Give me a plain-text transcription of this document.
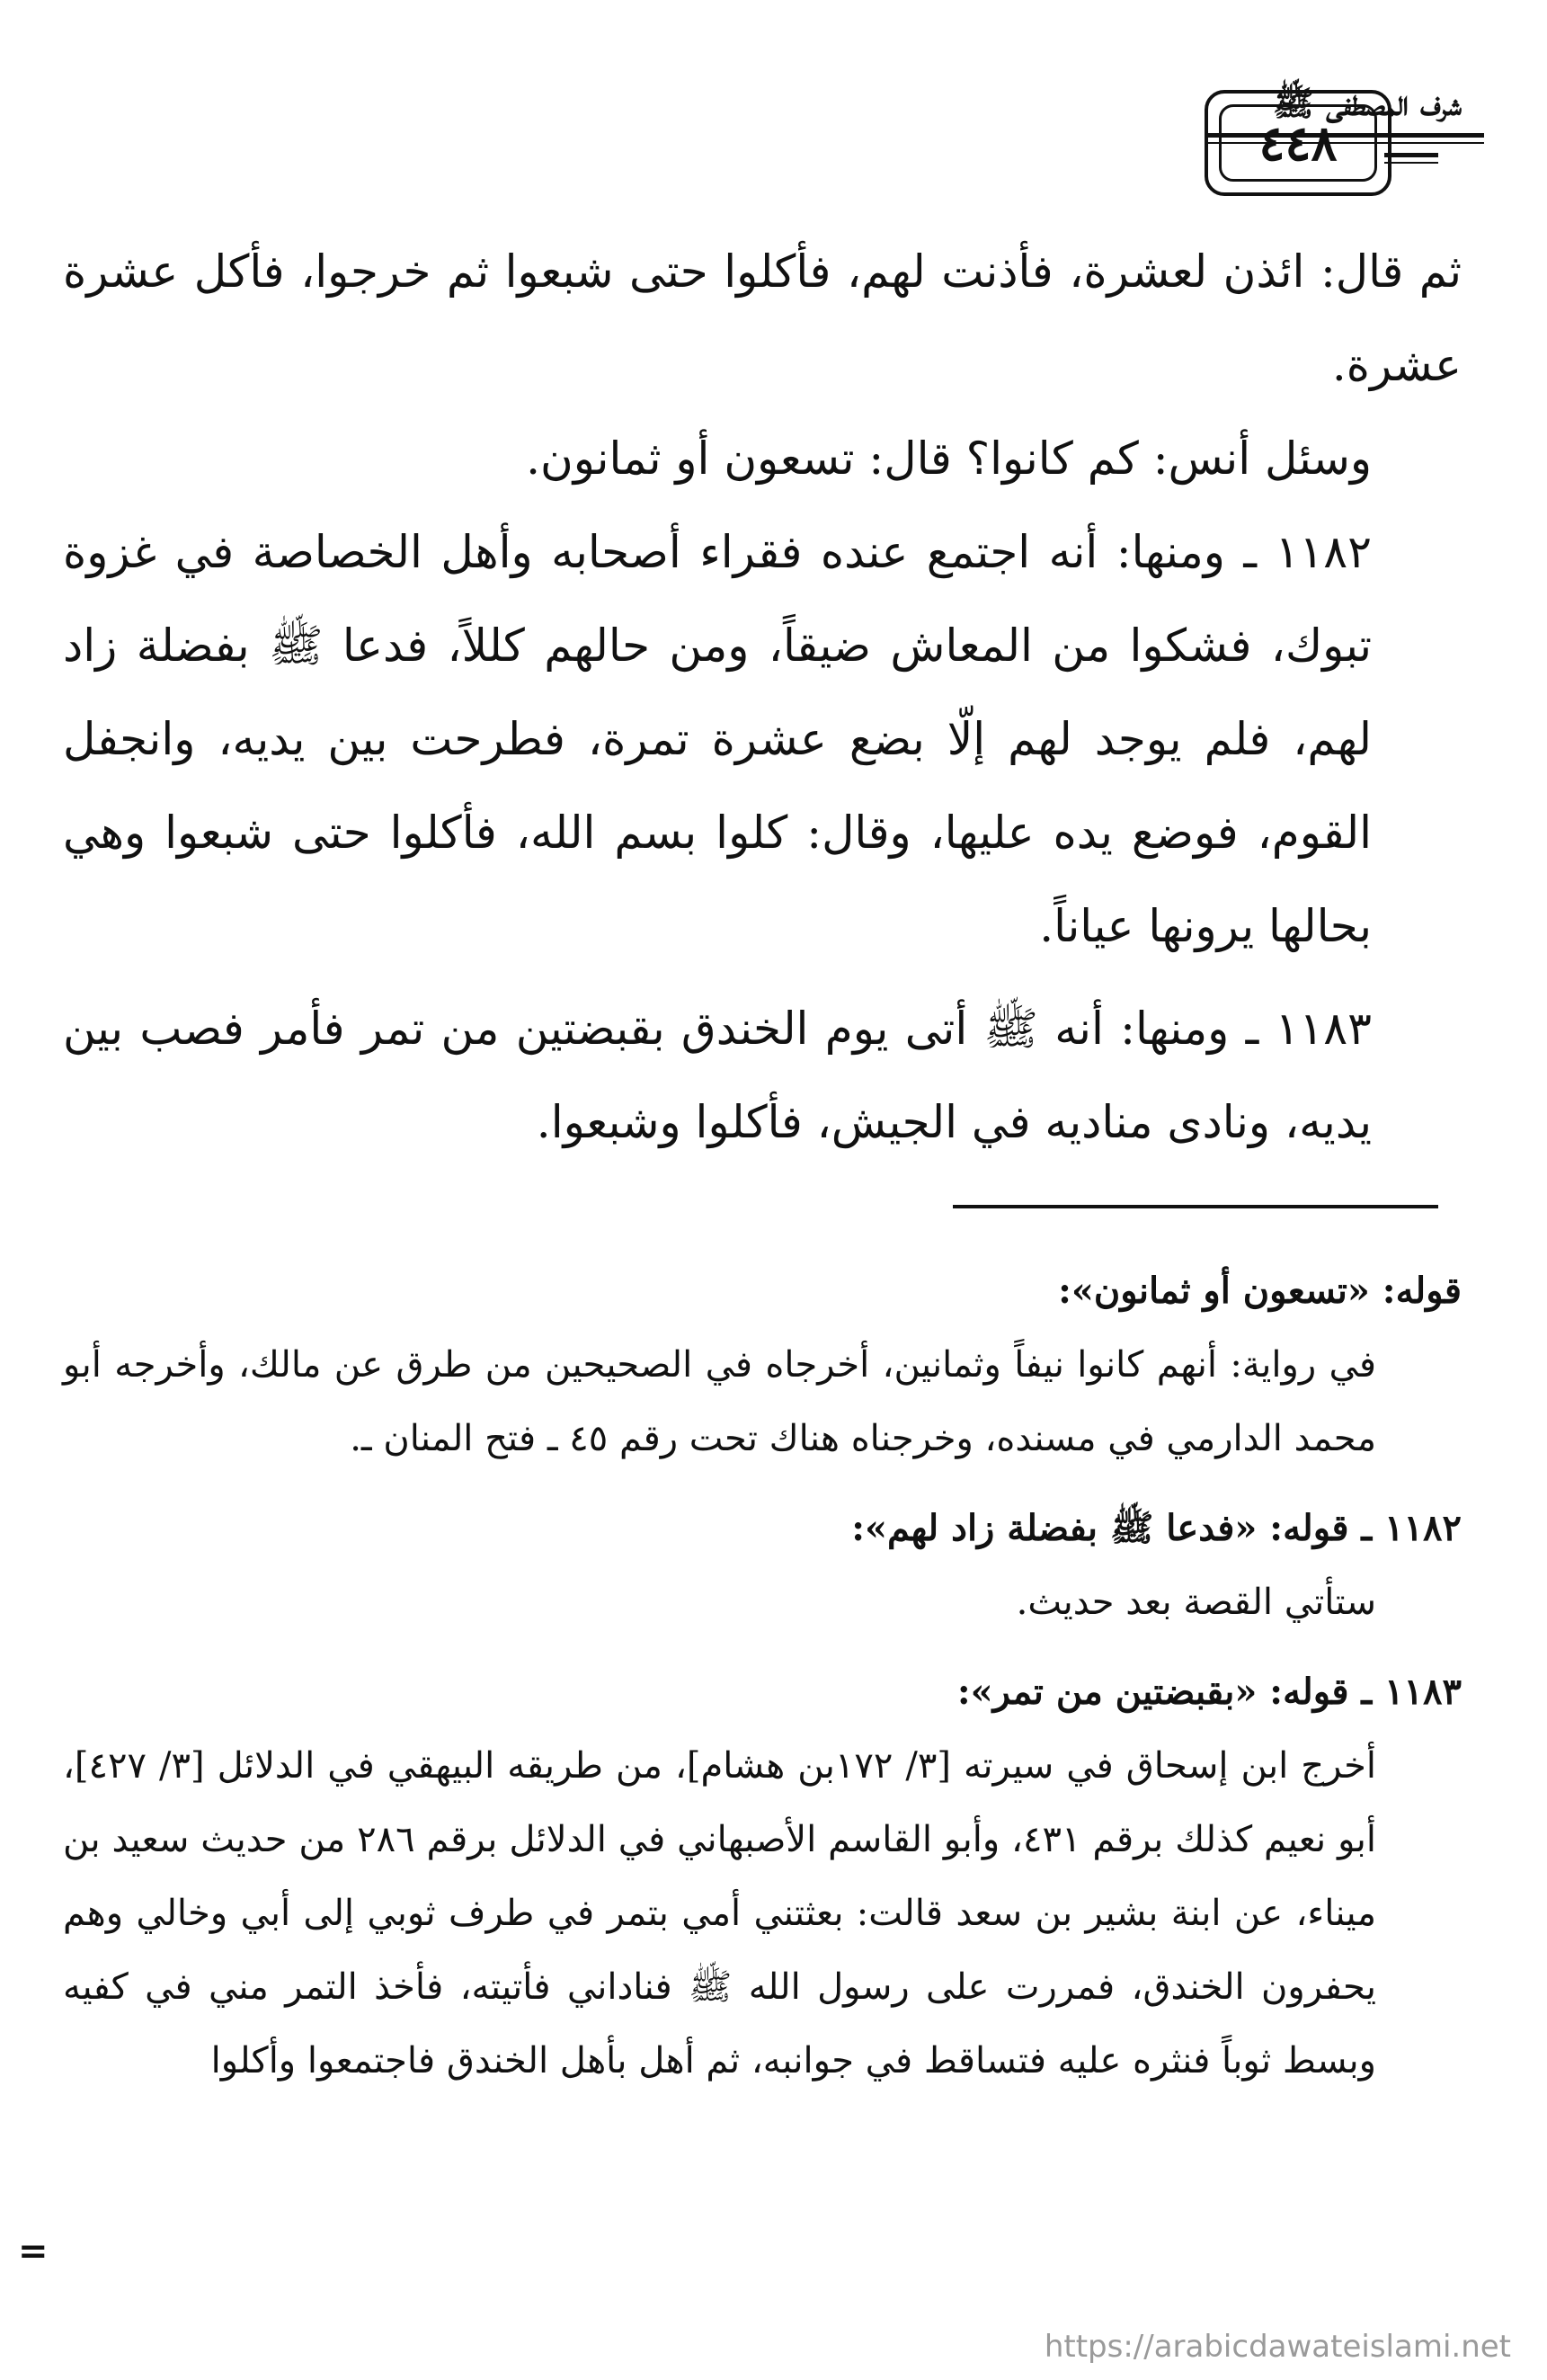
شرف المصطفى ﷺ
٤٤٨

ثم قال: ائذن لعشرة، فأذنت لهم، فأكلوا حتى شبعوا ثم خرجوا، فأكل عشرة عشرة.

وسئل أنس: كم كانوا؟ قال: تسعون أو ثمانون.

١١٨٢ ـ ومنها: أنه اجتمع عنده فقراء أصحابه وأهل الخصاصة في غزوة تبوك، فشكوا من المعاش ضيقاً، ومن حالهم كللاً، فدعا ﷺ بفضلة زاد لهم، فلم يوجد لهم إلّا بضع عشرة تمرة، فطرحت بين يديه، وانجفل القوم، فوضع يده عليها، وقال: كلوا بسم الله، فأكلوا حتى شبعوا وهي بحالها يرونها عياناً.

١١٨٣ ـ ومنها: أنه ﷺ أتى يوم الخندق بقبضتين من تمر فأمر فصب بين يديه، ونادى مناديه في الجيش، فأكلوا وشبعوا.

قوله: «تسعون أو ثمانون»:

في رواية: أنهم كانوا نيفاً وثمانين، أخرجاه في الصحيحين من طرق عن مالك، وأخرجه أبو محمد الدارمي في مسنده، وخرجناه هناك تحت رقم ٤٥ ـ فتح المنان ـ.

١١٨٢ ـ قوله: «فدعا ﷺ بفضلة زاد لهم»:

ستأتي القصة بعد حديث.

١١٨٣ ـ قوله: «بقبضتين من تمر»:

أخرج ابن إسحاق في سيرته [٣/ ١٧٢بن هشام]، من طريقه البيهقي في الدلائل [٣/ ٤٢٧]، أبو نعيم كذلك برقم ٤٣١، وأبو القاسم الأصبهاني في الدلائل برقم ٢٨٦ من حديث سعيد بن ميناء، عن ابنة بشير بن سعد قالت: بعثتني أمي بتمر في طرف ثوبي إلى أبي وخالي وهم يحفرون الخندق، فمررت على رسول الله ﷺ فناداني فأتيته، فأخذ التمر مني في كفيه وبسط ثوباً فنثره عليه فتساقط في جوانبه، ثم أهل بأهل الخندق فاجتمعوا وأكلوا

=
https://arabicdawateislami.net
